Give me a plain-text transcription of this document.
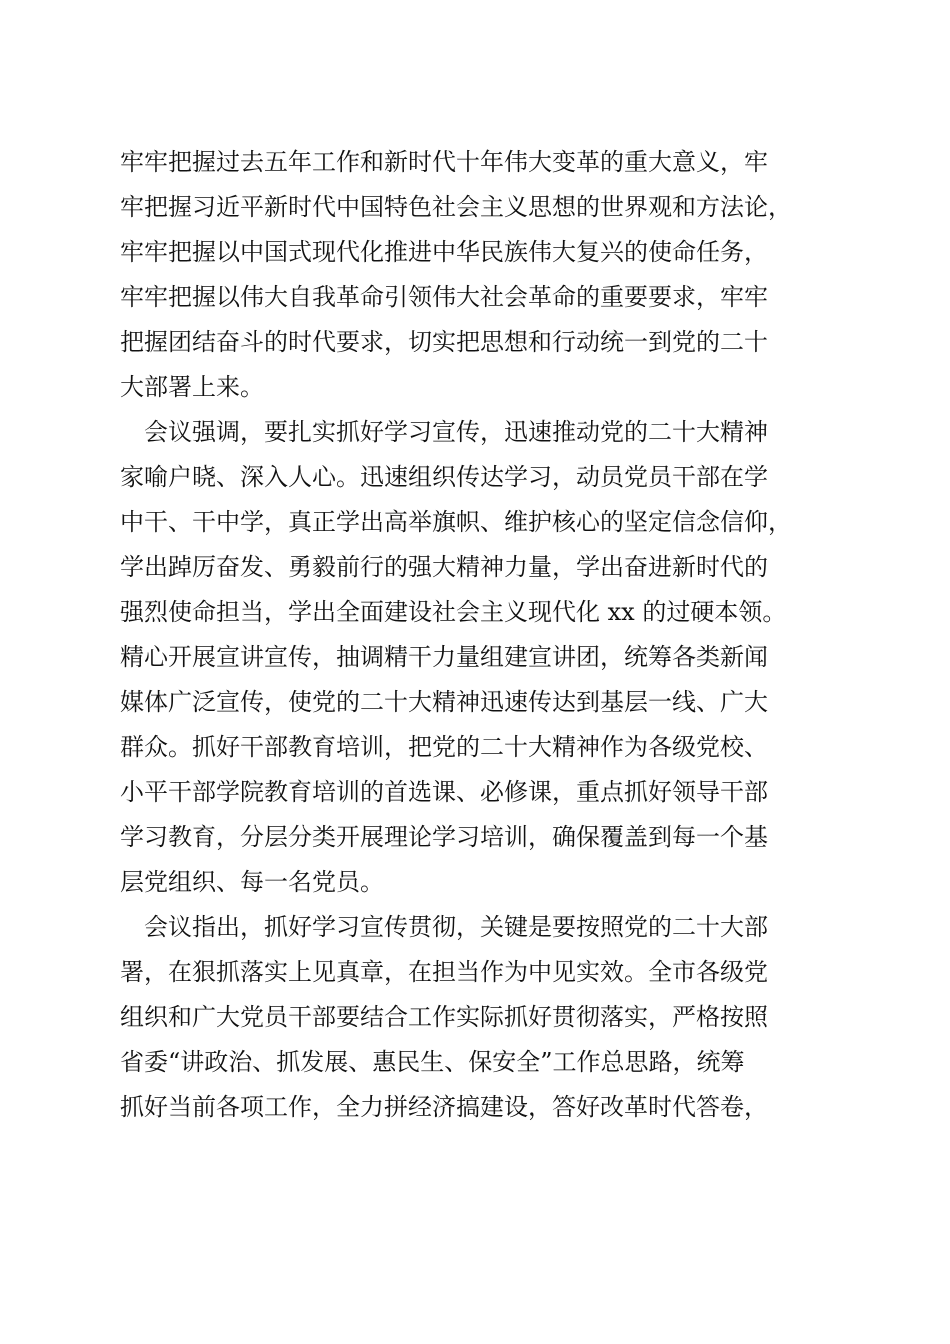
牢牢把握过去五年工作和新时代十年伟大变革的重大意义，牢
牢把握习近平新时代中国特色社会主义思想的世界观和方法论，
牢牢把握以中国式现代化推进中华民族伟大复兴的使命任务，
牢牢把握以伟大自我革命引领伟大社会革命的重要要求，牢牢
把握团结奋斗的时代要求，切实把思想和行动统一到党的二十
大部署上来。
　会议强调，要扎实抓好学习宣传，迅速推动党的二十大精神
家喻户晓、深入人心。迅速组织传达学习，动员党员干部在学
中干、干中学，真正学出高举旗帜、维护核心的坚定信念信仰，
学出踔厉奋发、勇毅前行的强大精神力量，学出奋进新时代的
强烈使命担当，学出全面建设社会主义现代化 xx 的过硬本领。
精心开展宣讲宣传，抽调精干力量组建宣讲团，统筹各类新闻
媒体广泛宣传，使党的二十大精神迅速传达到基层一线、广大
群众。抓好干部教育培训，把党的二十大精神作为各级党校、
小平干部学院教育培训的首选课、必修课，重点抓好领导干部
学习教育，分层分类开展理论学习培训，确保覆盖到每一个基
层党组织、每一名党员。
　会议指出，抓好学习宣传贯彻，关键是要按照党的二十大部
署，在狠抓落实上见真章，在担当作为中见实效。全市各级党
组织和广大党员干部要结合工作实际抓好贯彻落实，严格按照
省委“讲政治、抓发展、惠民生、保安全”工作总思路，统筹
抓好当前各项工作，全力拼经济搞建设，答好改革时代答卷，
